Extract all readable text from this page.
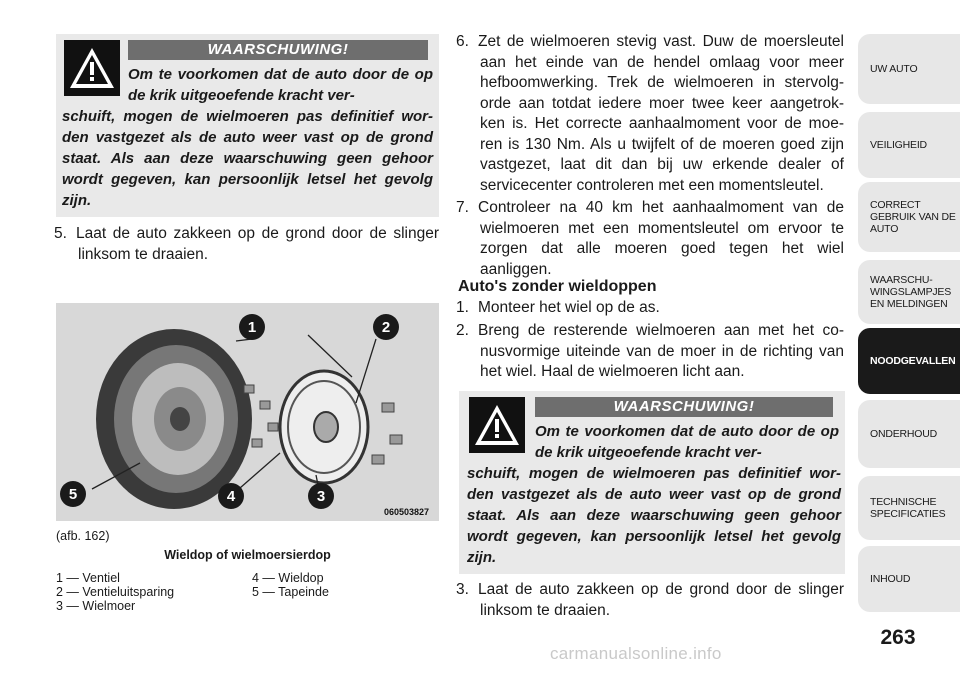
WAARSCHUWING!
Om te voorkomen dat de auto door de op de krik uitgeoefende kracht ver-
schuift, mogen de wielmoeren pas definitief wor-den vastgezet als de auto weer vast op de grond staat. Als aan deze waarschuwing geen gehoor wordt gegeven, kan persoonlijk letsel het gevolg zijn.
5. Laat de auto zakkeen op de grond door de slinger linksom te draaien.
1	2
3
4
5
060503827
(afb. 162)
Wieldop of wielmoersierdop
1 — Ventiel
2 — Ventieluitsparing
3 — Wielmoer
4 — Wieldop
5 — Tapeinde
6. Zet de wielmoeren stevig vast. Duw de moersleutel aan het einde van de hendel omlaag voor meer hefboomwerking. Trek de wielmoeren in stervolg-orde aan totdat iedere moer twee keer aangetrok-ken is. Het correcte aanhaalmoment voor de moe-ren is 130 Nm. Als u twijfelt of de moeren goed zijn vastgezet, laat dit dan bij uw erkende dealer of servicecenter controleren met een momentsleutel.
7. Controleer na 40 km het aanhaalmoment van de wielmoeren met een momentsleutel om ervoor te zorgen dat alle moeren goed tegen het wiel aanliggen.
Auto's zonder wieldoppen
1. Monteer het wiel op de as.
2. Breng de resterende wielmoeren aan met het co-nusvormige uiteinde van de moer in de richting van het wiel. Haal de wielmoeren licht aan.
WAARSCHUWING!
Om te voorkomen dat de auto door de op de krik uitgeoefende kracht ver-
schuift, mogen de wielmoeren pas definitief wor-den vastgezet als de auto weer vast op de grond staat. Als aan deze waarschuwing geen gehoor wordt gegeven, kan persoonlijk letsel het gevolg zijn.
3. Laat de auto zakkeen op de grond door de slinger linksom te draaien.
UW AUTO
VEILIGHEID
CORRECT GEBRUIK VAN DE AUTO
WAARSCHU-WINGSLAMPJES EN MELDINGEN
NOODGEVALLEN
ONDERHOUD
TECHNISCHE SPECIFICATIES
INHOUD
263
carmanualsonline.info
